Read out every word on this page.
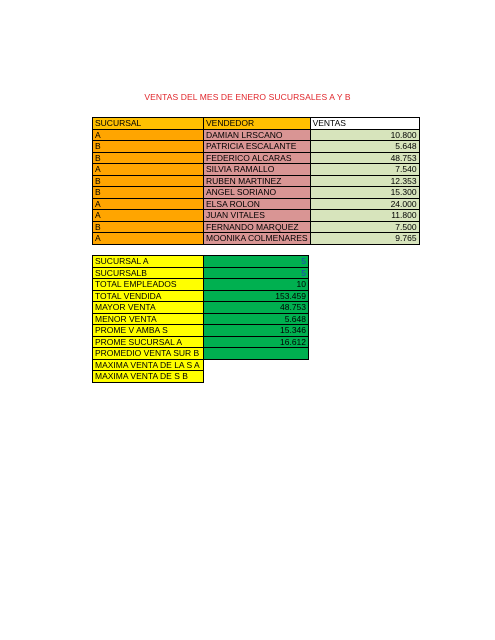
VENTAS DEL MES DE ENERO SUCURSALES A Y B
SUCURSAL	VENDEDOR	VENTAS
A	DAMIAN LRSCANO	10.800
B	PATRICIA ESCALANTE	5.648
B	FEDERICO ALCARAS	48.753
A	SILVIA RAMALLO	7.540
B	RUBEN MARTINEZ	12.353
B	ANGEL SORIANO	15.300
A	ELSA ROLON	24.000
A	JUAN VITALES	11.800
B	FERNANDO MARQUEZ	7.500
A	MOONIKA COLMENARES	9.765
SUCURSAL A	5
SUCURSALB	5
TOTAL EMPLEADOS	10
TOTAL VENDIDA	153.459
MAYOR VENTA	48.753
MENOR VENTA	5.648
PROME V AMBA S	15.346
PROME SUCURSAL A	16.612
PROMEDIO VENTA SUR B	
MAXIMA VENTA DE LA S A	
MAXIMA VENTA DE S B	
